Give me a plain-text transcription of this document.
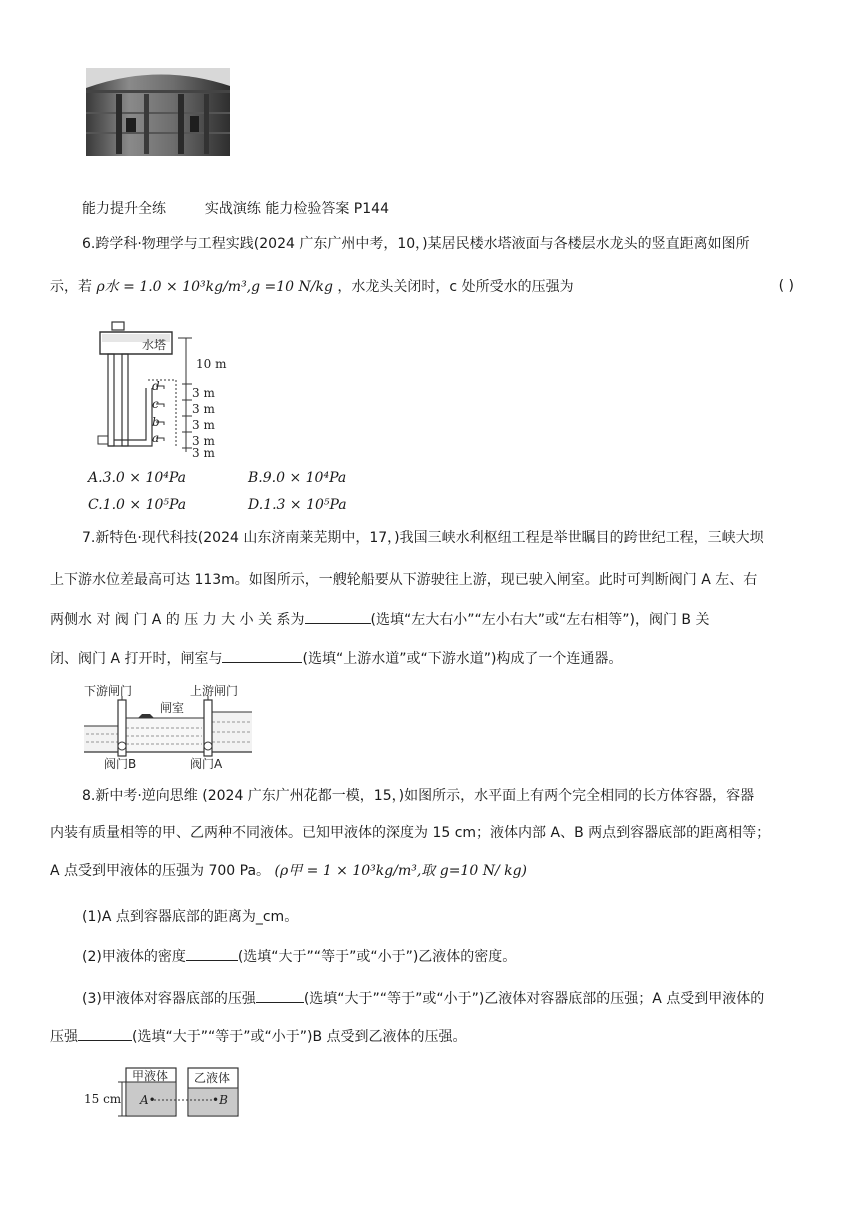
能力提升全练	实战演练 能力检验答案 P144
6.跨学科·物理学与工程实践(2024 广东广州中考，10，)某居民楼水塔液面与各楼层水龙头的竖直距离如图所
示，若 ρ水 = 1.0 × 10³kg/m³,g =10 N/kg ，水龙头关闭时，c 处所受水的压强为	( )
d
c
b
a
水塔
10 m
3 m
3 m
3 m
3 m
3 m
A.3.0 × 10⁴Pa	B.9.0 × 10⁴Pa
C.1.0 × 10⁵Pa	D.1.3 × 10⁵Pa
7.新特色·现代科技(2024 山东济南莱芜期中，17，)我国三峡水利枢纽工程是举世瞩目的跨世纪工程，三峡大坝
上下游水位差最高可达 113m。如图所示，一艘轮船要从下游驶往上游，现已驶入闸室。此时可判断阀门 A 左、右
两侧水 对 阀 门 A 的 压 力 大 小 关 系为	(选填“左大右小”“左小右大”或“左右相等”)，阀门 B 关
闭、阀门 A 打开时，闸室与	(选填“上游水道”或“下游水道”)构成了一个连通器。
下游闸门	上游闸门
闸室
阀门B	阀门A
8.新中考·逆向思维 (2024 广东广州花都一模，15，)如图所示，水平面上有两个完全相同的长方体容器，容器
内装有质量相等的甲、乙两种不同液体。已知甲液体的深度为 15 cm；液体内部 A、B 两点到容器底部的距离相等；
A 点受到甲液体的压强为 700 Pa。 (ρ甲 = 1 × 10³kg/m³,取 g=10 N/ kg)
(1)A 点到容器底部的距离为_cm。
(2)甲液体的密度	(选填“大于”“等于”或“小于”)乙液体的密度。
(3)甲液体对容器底部的压强	(选填“大于”“等于”或“小于”)乙液体对容器底部的压强；A 点受到甲液体的
压强	(选填“大于”“等于”或“小于”)B 点受到乙液体的压强。
15 cm
甲液体 乙液体
A•	•B
